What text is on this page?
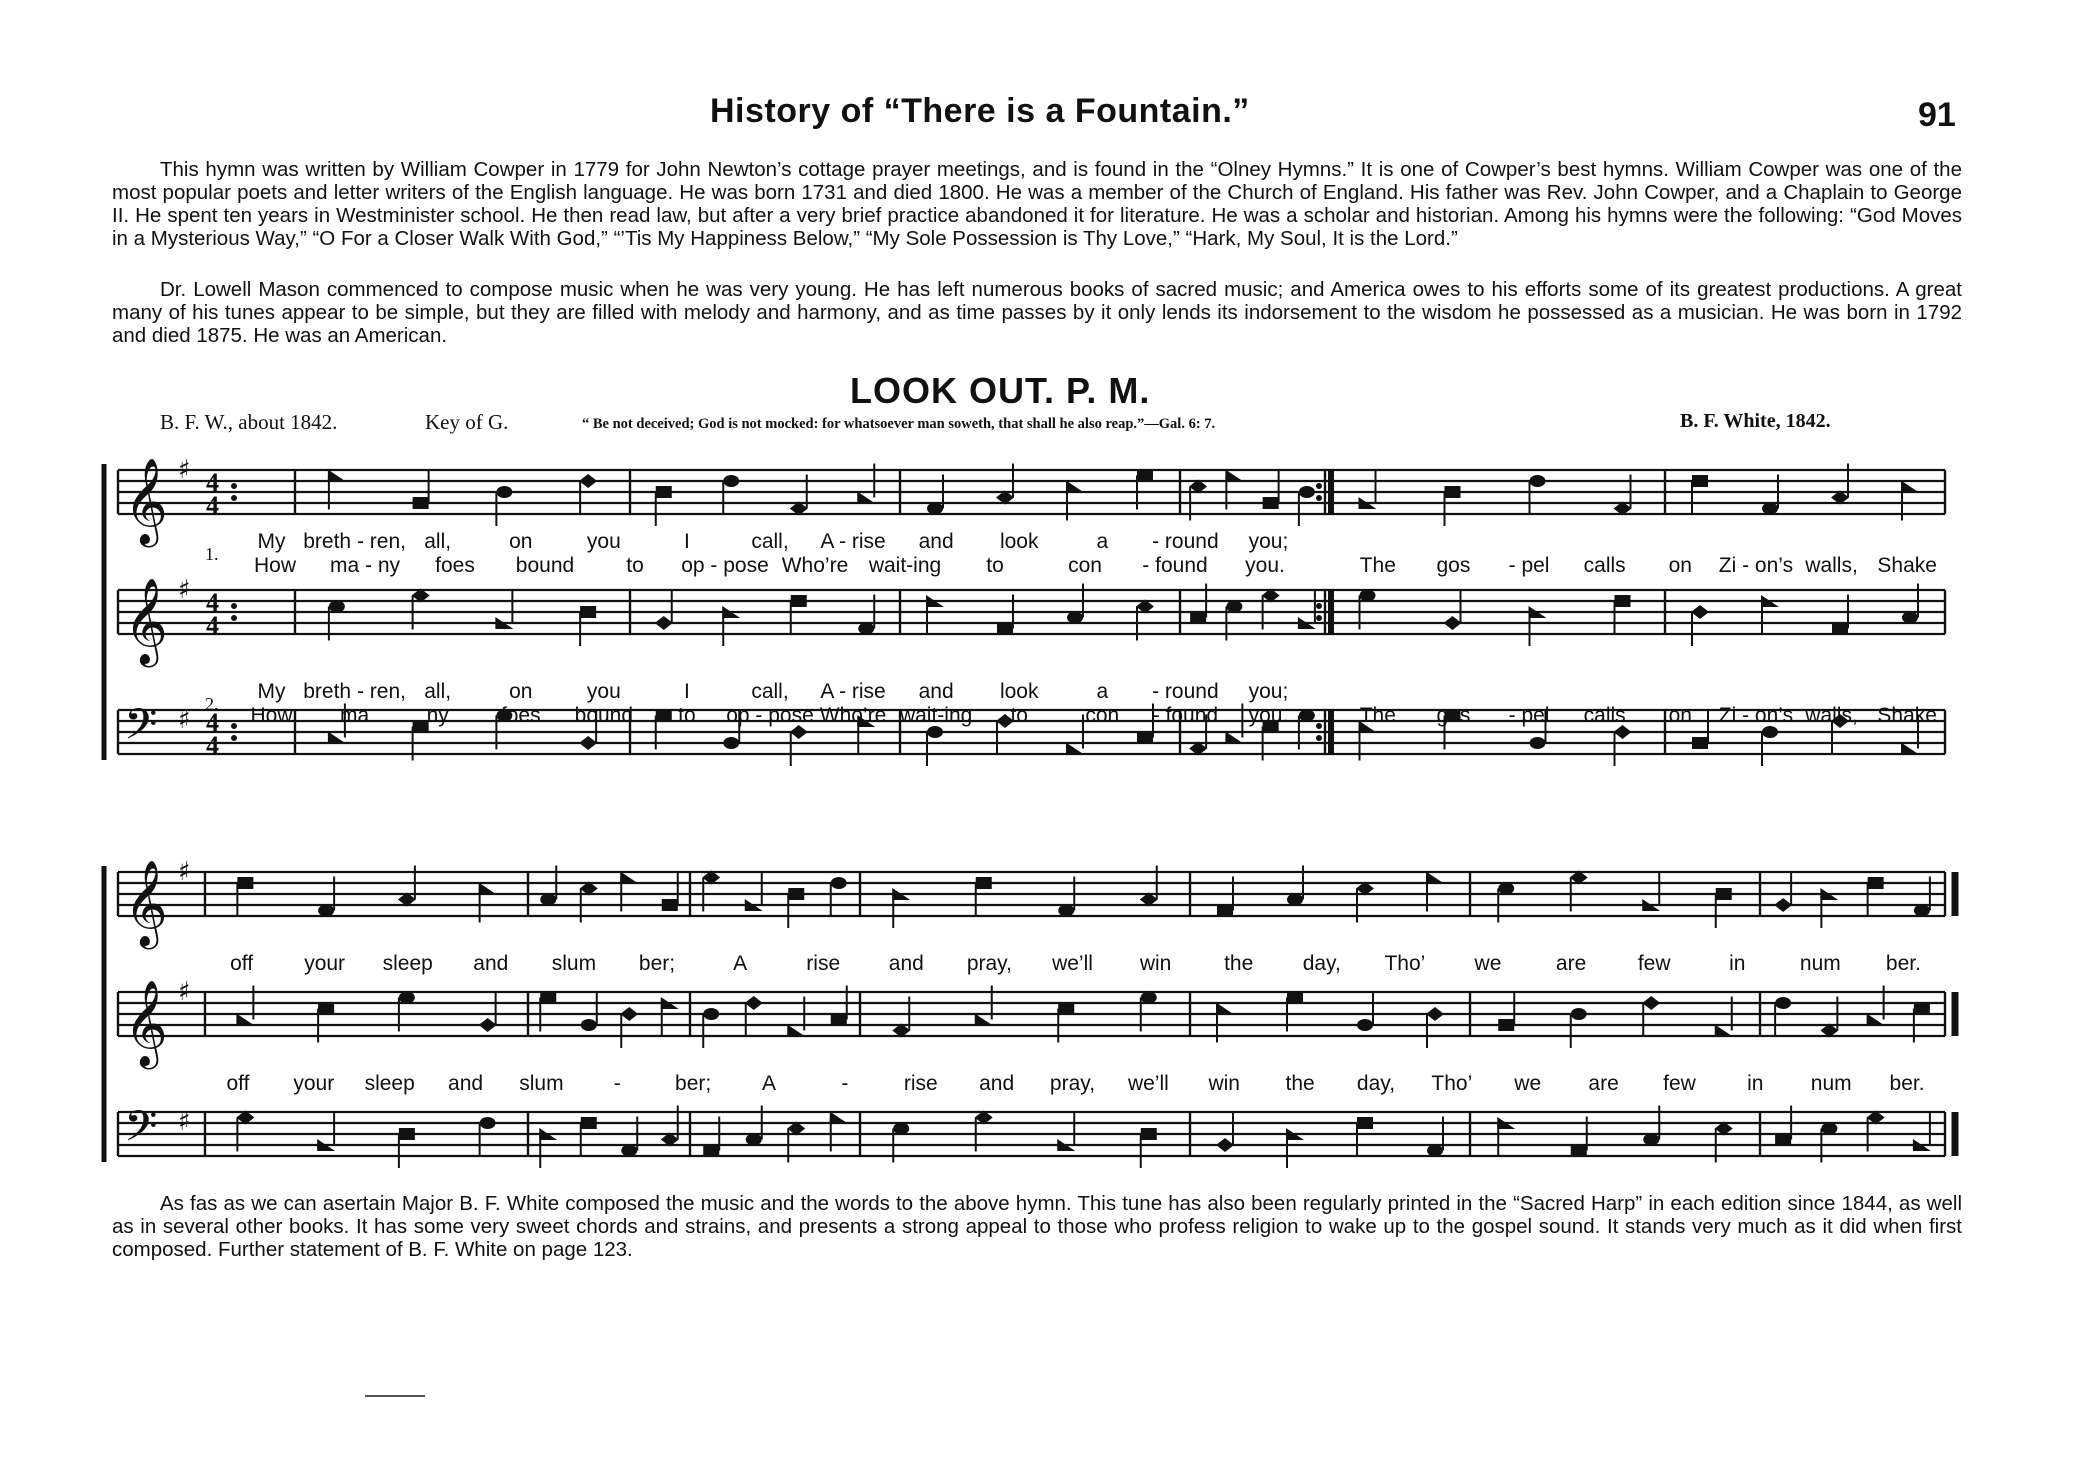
History of “There is a Fountain.”	91
This hymn was written by William Cowper in 1779 for John Newton’s cottage prayer meetings, and is found in the “Olney Hymns.” It is one of Cowper’s best hymns. William Cowper was one of the most popular poets and letter writers of the English language. He was born 1731 and died 1800. He was a member of the Church of England. His father was Rev. John Cowper, and a Chaplain to George II. He spent ten years in Westminister school. He then read law, but after a very brief practice abandoned it for literature. He was a scholar and historian. Among his hymns were the following: “God Moves in a Mysterious Way,” “O For a Closer Walk With God,” “’Tis My Happiness Below,” “My Sole Possession is Thy Love,” “Hark, My Soul, It is the Lord.”
Dr. Lowell Mason commenced to compose music when he was very young. He has left numerous books of sacred music; and America owes to his efforts some of its greatest productions. A great many of his tunes appear to be simple, but they are filled with melody and harmony, and as time passes by it only lends its indorsement to the wisdom he possessed as a musician. He was born in 1792 and died 1875. He was an American.
LOOK OUT. P. M.
B. F. W., about 1842.	Key of G.	“ Be not deceived; God is not mocked: for whatsoever man soweth, that shall he also reap.”—Gal. 6: 7.	B. F. White, 1842.
𝄞 ♯ 4
4
𝄞 ♯ 4
4
𝄢 ♯ 4
4
𝄞 ♯
𝄞 ♯
𝄢 ♯
My breth - ren, all,	on	you	I	call, A - rise and look	a - round you;
How ma - ny foes bound to op - pose Who’re wait-ing to	con - found you.	The gos - pel calls on Zi - on’s walls, Shake
My breth - ren, all,	on	you	I	call, A - rise and look	a - round you;
How ma	ny foes bound to op - pose Who’re wait-ing to	con - found you.	The gos - pel calls on Zi - on’s walls, Shake
off your sleep and slum ber;	A	rise and pray, we’ll win	the day, Tho’ we	are few	in	num ber.
off your sleep and slum -	ber; A	-	rise and pray, we’ll win the day, Tho’ we are few in num ber.
1.
2.
As fas as we can asertain Major B. F. White composed the music and the words to the above hymn. This tune has also been regularly printed in the “Sacred Harp” in each edition since 1844, as well as in several other books. It has some very sweet chords and strains, and presents a strong appeal to those who profess religion to wake up to the gospel sound. It stands very much as it did when first composed. Further statement of B. F. White on page 123.
